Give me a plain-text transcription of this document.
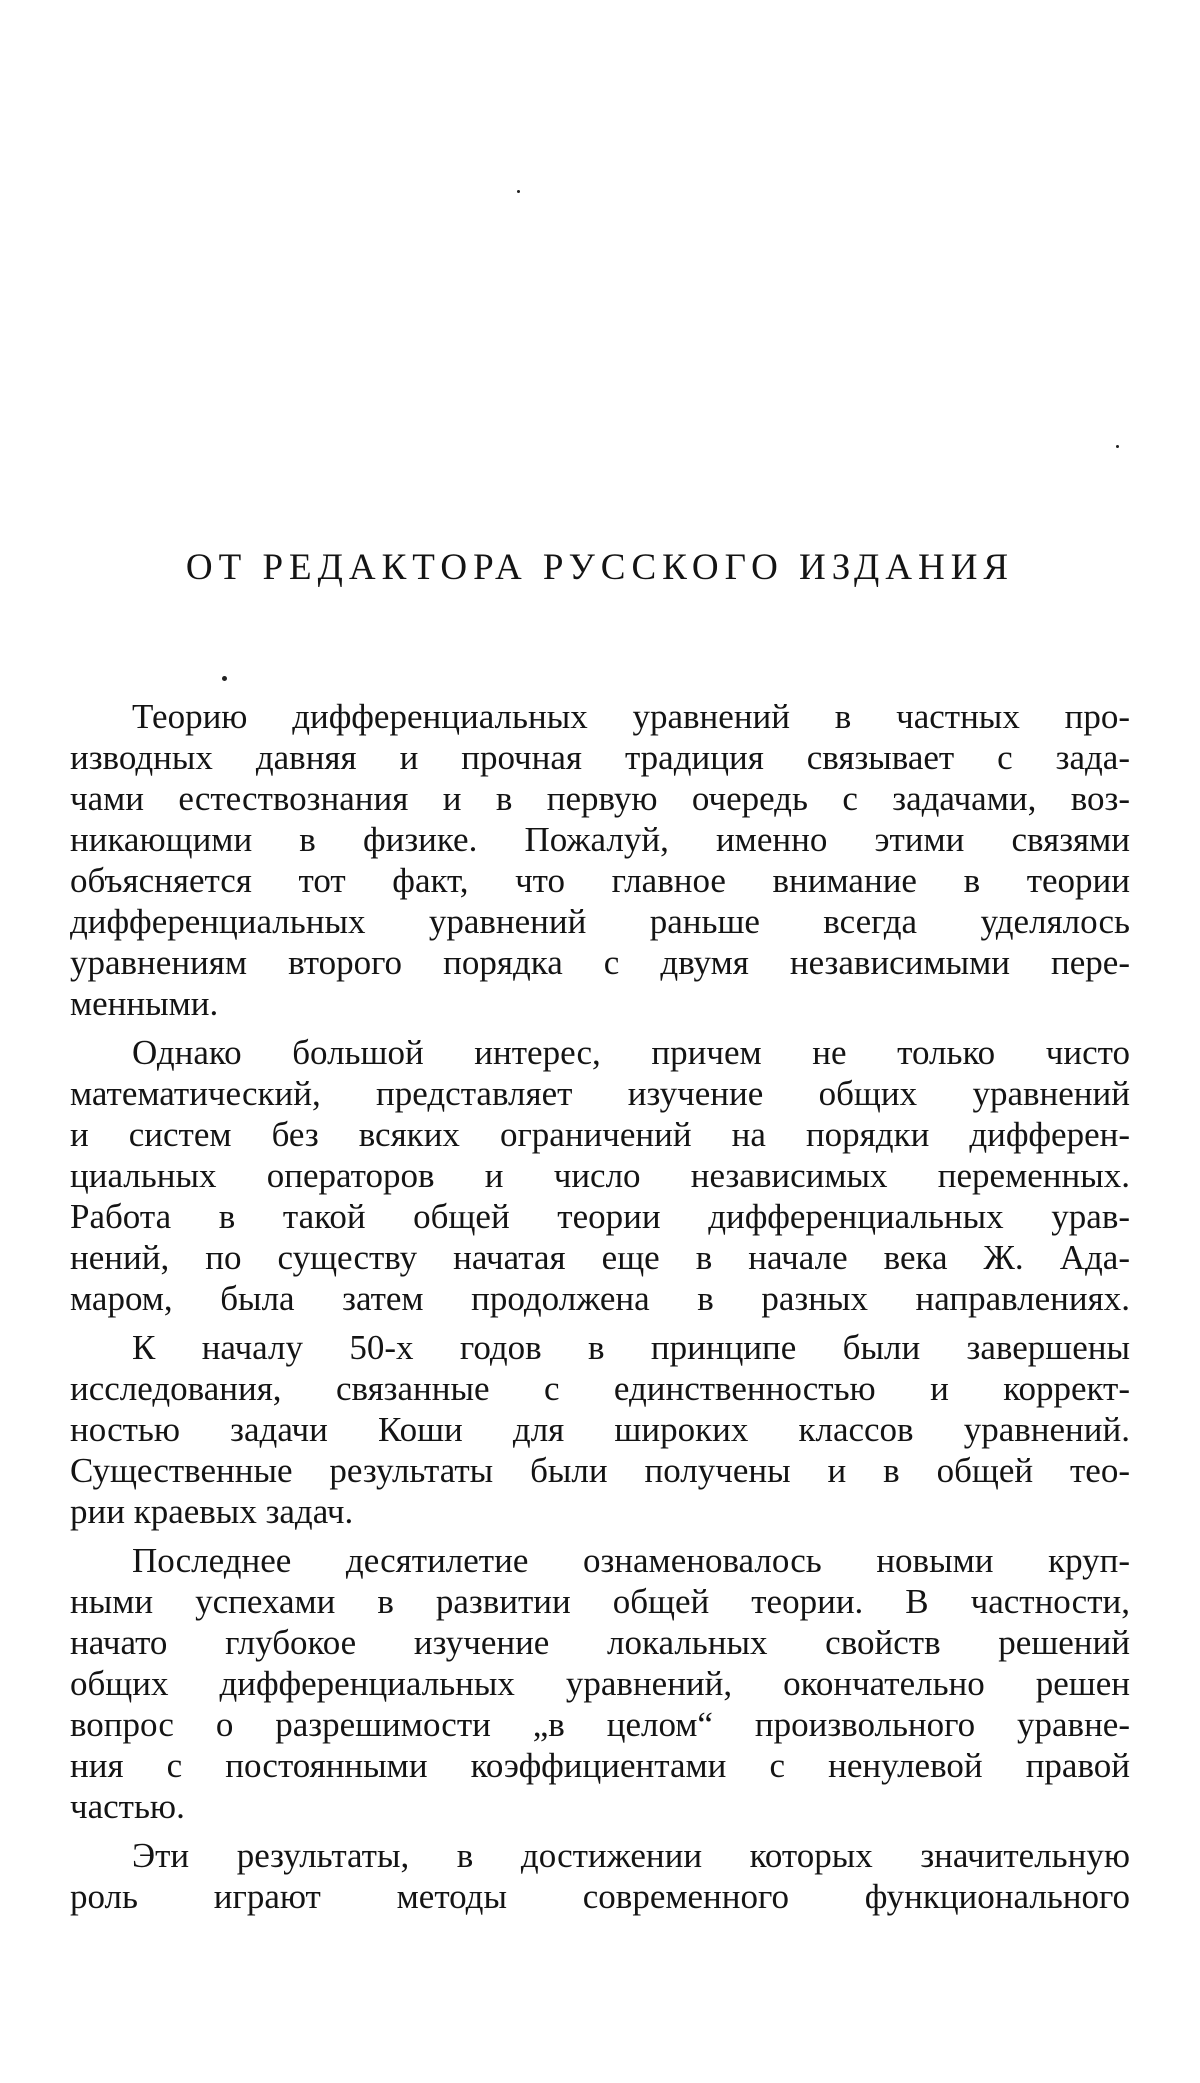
ОТ РЕДАКТОРА РУССКОГО ИЗДАНИЯ

Теорию дифференциальных уравнений в частных про-
изводных давняя и прочная традиция связывает с зада-
чами естествознания и в первую очередь с задачами, воз-
никающими в физике. Пожалуй, именно этими связями
объясняется тот факт, что главное внимание в теории
дифференциальных уравнений раньше всегда уделялось
уравнениям второго порядка с двумя независимыми пере-
менными.

Однако большой интерес, причем не только чисто
математический, представляет изучение общих уравнений
и систем без всяких ограничений на порядки дифферен-
циальных операторов и число независимых переменных.
Работа в такой общей теории дифференциальных урав-
нений, по существу начатая еще в начале века Ж. Ада-
маром, была затем продолжена в разных направлениях.

К началу 50-х годов в принципе были завершены
исследования, связанные с единственностью и коррект-
ностью задачи Коши для широких классов уравнений.
Существенные результаты были получены и в общей тео-
рии краевых задач.

Последнее десятилетие ознаменовалось новыми круп-
ными успехами в развитии общей теории. В частности,
начато глубокое изучение локальных свойств решений
общих дифференциальных уравнений, окончательно решен
вопрос о разрешимости „в целом“ произвольного уравне-
ния с постоянными коэффициентами с ненулевой правой
частью.

Эти результаты, в достижении которых значительную
роль играют методы современного функционального
